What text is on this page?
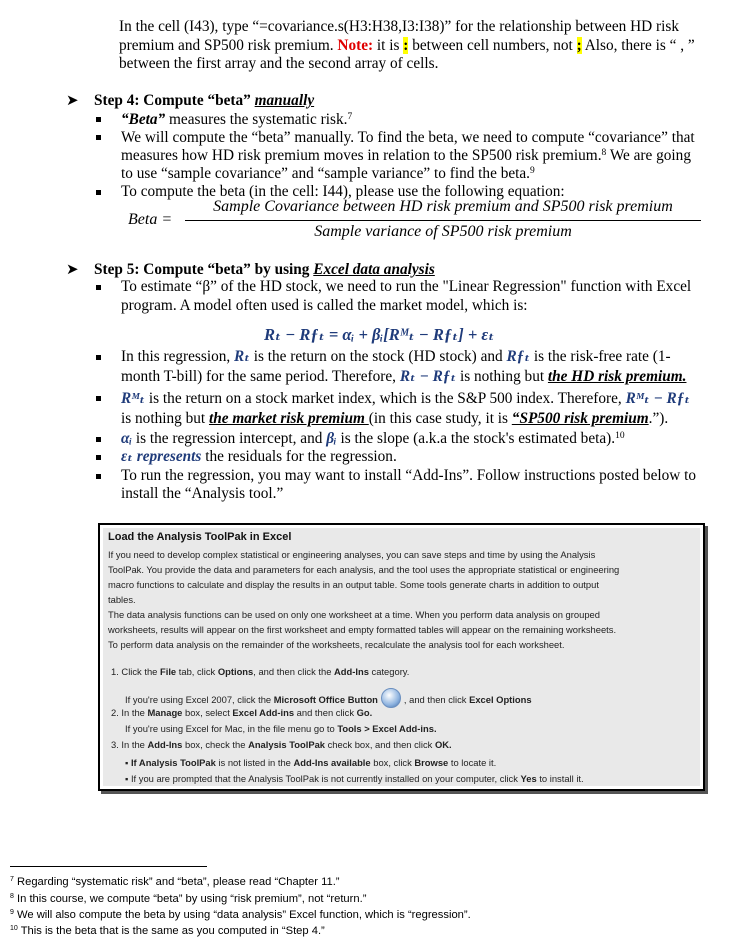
In the cell (I43), type “=covariance.s(H3:H38,I3:I38)” for the relationship between HD risk
premium and SP500 risk premium. Note: it is : between cell numbers, not ; Also, there is “ , ”
between the first array and the second array of cells.
➤ Step 4: Compute “beta” manually
“Beta” measures the systematic risk.$^7$
We will compute the “beta” manually. To find the beta, we need to compute “covariance” that
measures how HD risk premium moves in relation to the SP500 risk premium.$^8$ We are going
to use “sample covariance” and “sample variance” to find the beta.$^9$
To compute the beta (in the cell: I44), please use the following equation:
Beta =
Sample Covariance between HD risk premium and SP500 risk premium
Sample variance of SP500 risk premium
➤ Step 5: Compute “beta” by using Excel data analysis
To estimate “β” of the HD stock, we need to run the "Linear Regression" function with Excel
program. A model often used is called the market model, which is:
Rₜ − Rƒₜ = αᵢ + βᵢ[Rᴹₜ − Rƒₜ] + εₜ
In this regression, Rₜ is the return on the stock (HD stock) and Rƒₜ is the risk-free rate (1-
month T-bill) for the same period. Therefore, Rₜ − Rƒₜ is nothing but the HD risk premium.
Rᴹₜ is the return on a stock market index, which is the S&P 500 index. Therefore, Rᴹₜ − Rƒₜ
is nothing but the market risk premium (in this case study, it is “SP500 risk premium.”).
αᵢ is the regression intercept, and βᵢ is the slope (a.k.a the stock's estimated beta).$^{10}$
εₜ represents the residuals for the regression.
To run the regression, you may want to install “Add-Ins”. Follow instructions posted below to
install the “Analysis tool.”
Load the Analysis ToolPak in Excel
If you need to develop complex statistical or engineering analyses, you can save steps and time by using the Analysis
ToolPak. You provide the data and parameters for each analysis, and the tool uses the appropriate statistical or engineering
macro functions to calculate and display the results in an output table. Some tools generate charts in addition to output
tables.
The data analysis functions can be used on only one worksheet at a time. When you perform data analysis on grouped
worksheets, results will appear on the first worksheet and empty formatted tables will appear on the remaining worksheets.
To perform data analysis on the remainder of the worksheets, recalculate the analysis tool for each worksheet.
1. Click the File tab, click Options, and then click the Add-Ins category.
If you're using Excel 2007, click the Microsoft Office Button	, and then click Excel Options
2. In the Manage box, select Excel Add-ins and then click Go.
If you're using Excel for Mac, in the file menu go to Tools > Excel Add-ins.
3. In the Add-Ins box, check the Analysis ToolPak check box, and then click OK.
▪ If Analysis ToolPak is not listed in the Add-Ins available box, click Browse to locate it.
▪ If you are prompted that the Analysis ToolPak is not currently installed on your computer, click Yes to install it.
$^7$ Regarding “systematic risk” and “beta”, please read “Chapter 11.”
$^8$ In this course, we compute “beta” by using “risk premium”, not “return.”
$^9$ We will also compute the beta by using “data analysis” Excel function, which is “regression”.
$^{10}$ This is the beta that is the same as you computed in “Step 4.”
